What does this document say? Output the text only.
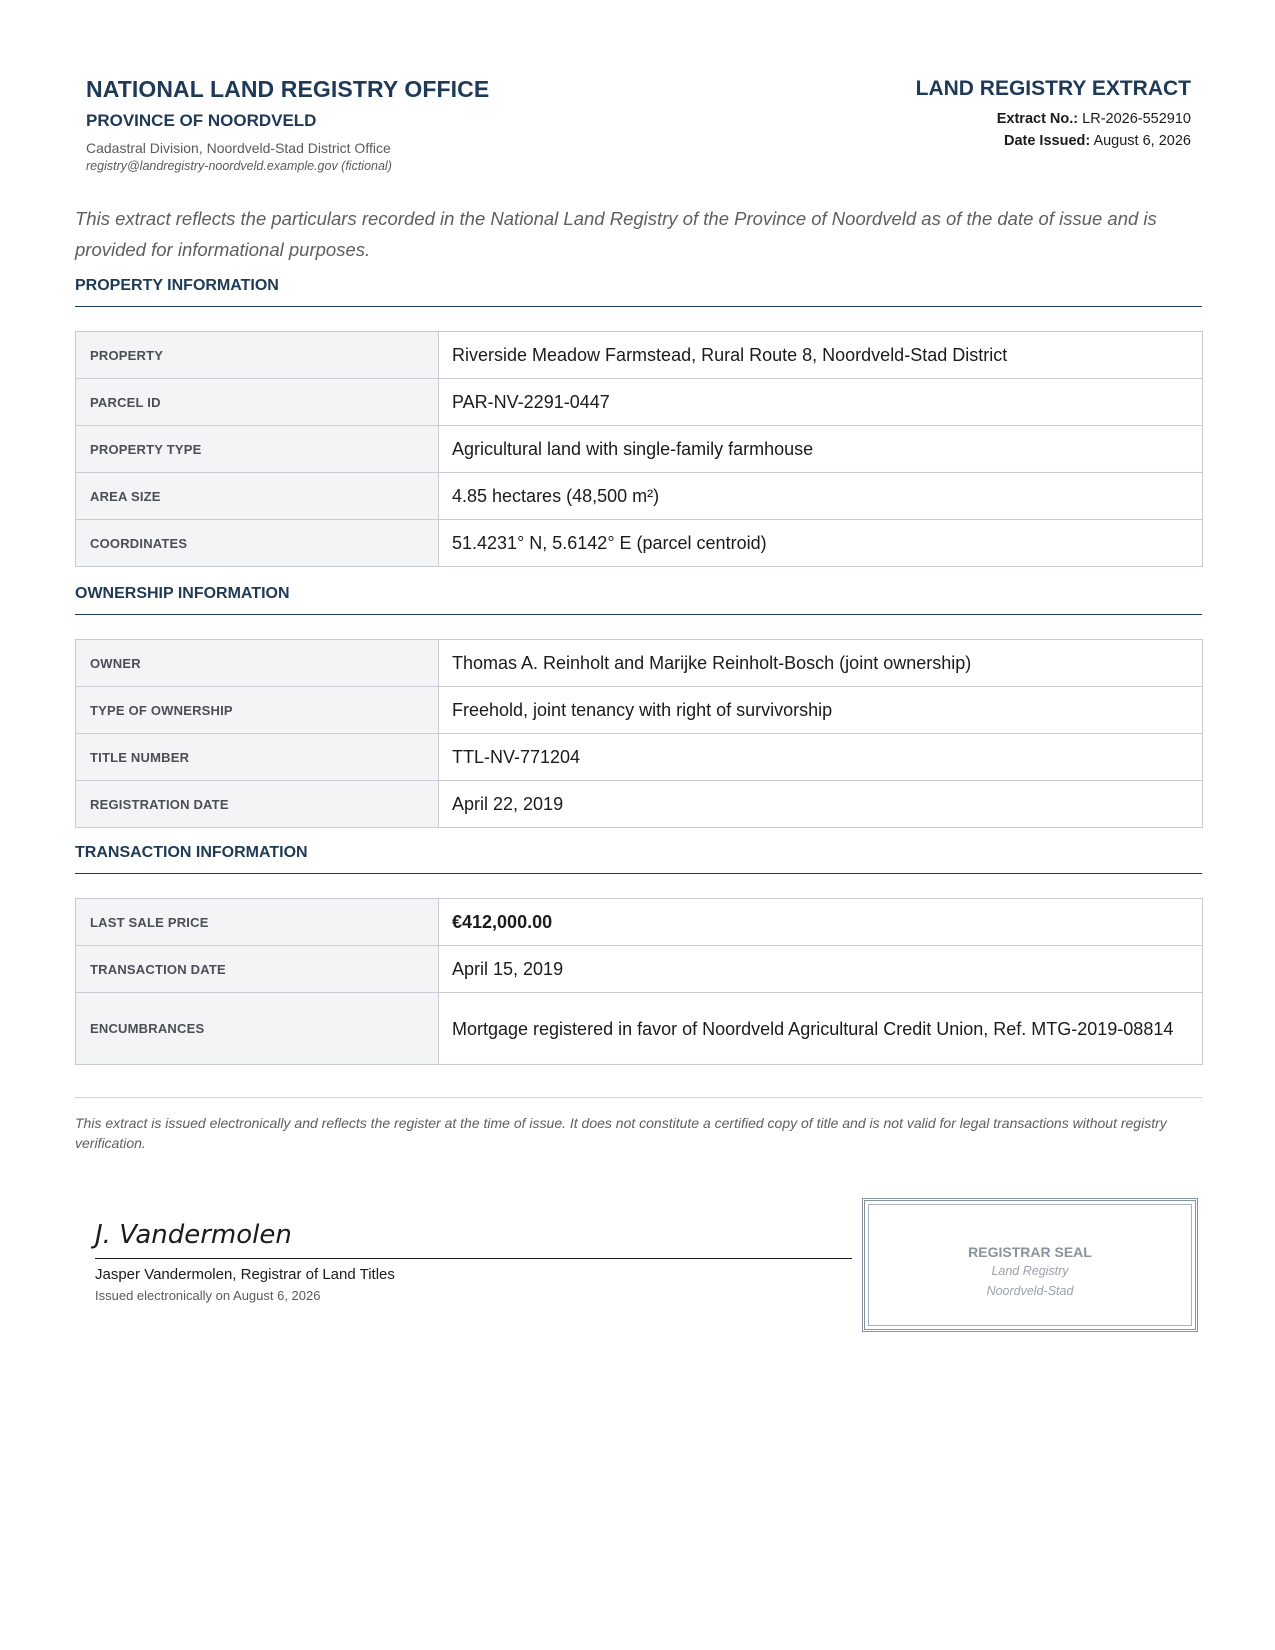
NATIONAL LAND REGISTRY OFFICE
PROVINCE OF NOORDVELD
Cadastral Division, Noordveld-Stad District Office
registry@landregistry-noordveld.example.gov (fictional)
LAND REGISTRY EXTRACT
Extract No.: LR-2026-552910
Date Issued: August 6, 2026
This extract reflects the particulars recorded in the National Land Registry of the Province of Noordveld as of the date of issue and is provided for informational purposes.
PROPERTY INFORMATION
PROPERTY	Riverside Meadow Farmstead, Rural Route 8, Noordveld-Stad District
PARCEL ID	PAR-NV-2291-0447
PROPERTY TYPE	Agricultural land with single-family farmhouse
AREA SIZE	4.85 hectares (48,500 m²)
COORDINATES	51.4231° N, 5.6142° E (parcel centroid)
OWNERSHIP INFORMATION
OWNER	Thomas A. Reinholt and Marijke Reinholt-Bosch (joint ownership)
TYPE OF OWNERSHIP	Freehold, joint tenancy with right of survivorship
TITLE NUMBER	TTL-NV-771204
REGISTRATION DATE	April 22, 2019
TRANSACTION INFORMATION
LAST SALE PRICE	€412,000.00
TRANSACTION DATE	April 15, 2019
ENCUMBRANCES	Mortgage registered in favor of Noordveld Agricultural Credit Union, Ref. MTG-2019-08814
This extract is issued electronically and reflects the register at the time of issue. It does not constitute a certified copy of title and is not valid for legal transactions without registry verification.
J. Vandermolen
Jasper Vandermolen, Registrar of Land Titles
Issued electronically on August 6, 2026
REGISTRAR SEAL
Land Registry
Noordveld-Stad
